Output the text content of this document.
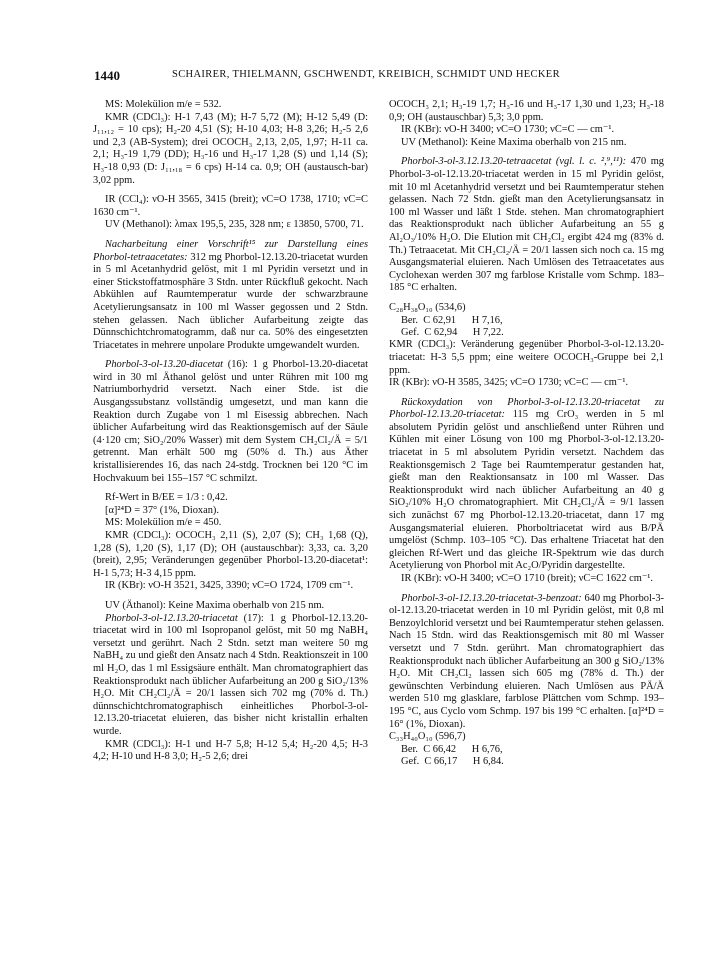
1440	SCHAIRER, THIELMANN, GSCHWENDT, KREIBICH, SCHMIDT UND HECKER

MS: Molekülion m/e = 532.

KMR (CDCl₃): H-1 7,43 (M); H-7 5,72 (M); H-12 5,49 (D: J₁₁,₁₂ = 10 cps); H₂-20 4,51 (S); H-10 4,03; H-8 3,26; H₂-5 2,6 und 2,3 (AB-System); drei OCOCH₃ 2,13, 2,05, 1,97; H-11 ca. 2,1; H₃-19 1,79 (DD); H₃-16 und H₃-17 1,28 (S) und 1,14 (S); H₃-18 0,93 (D: J₁₁,₁₈ = 6 cps) H-14 ca. 0,9; OH (austausch-bar) 3,02 ppm.

IR (CCl₄): νO-H 3565, 3415 (breit); νC=O 1738, 1710; νC=C 1630 cm⁻¹.

UV (Methanol): λmax 195,5, 235, 328 nm; ε 13850, 5700, 71.

Nacharbeitung einer Vorschrift¹⁵ zur Darstellung eines Phorbol-tetraacetates: 312 mg Phorbol-12.13.20-triacetat wurden in 5 ml Acetanhydrid gelöst, mit 1 ml Pyridin versetzt und in einer Stickstoffatmosphäre 3 Stdn. unter Rückfluß gekocht. Nach Abkühlen auf Raumtemperatur wurde der schwarzbraune Acetylierungsansatz in 100 ml Wasser gegossen und 2 Stdn. stehen gelassen. Nach üblicher Aufarbeitung zeigte das Dünnschichtchromatogramm, daß nur ca. 50% des eingesetzten Triacetates in mehrere unpolare Produkte umgewandelt wurden.

Phorbol-3-ol-13.20-diacetat (16): 1 g Phorbol-13.20-diacetat wird in 30 ml Äthanol gelöst und unter Rühren mit 100 mg Natriumborhydrid versetzt. Nach einer Stde. ist die Ausgangssubstanz vollständig umgesetzt, und man kann die Reaktion durch Zugabe von 1 ml Eisessig abbrechen. Nach üblicher Aufarbeitung wird das Reaktionsgemisch auf der Säule (4·120 cm; SiO₂/20% Wasser) mit dem System CH₂Cl₂/Ä = 5/1 getrennt. Man erhält 500 mg (50% d. Th.) aus Äther kristallisierendes 16, das nach 24-stdg. Trocknen bei 120 °C im Hochvakuum bei 155–157 °C schmilzt.

Rf-Wert in B/EE = 1/3 : 0,42.

[α]²⁴D = 37° (1%, Dioxan).

MS: Molekülion m/e = 450.

KMR (CDCl₃): OCOCH₃ 2,11 (S), 2,07 (S); CH₃ 1,68 (Q), 1,28 (S), 1,20 (S), 1,17 (D); OH (austauschbar): 3,33, ca. 3,20 (breit), 2,95; Veränderungen gegenüber Phorbol-13.20-diacetat¹: H-1 5,73; H-3 4,15 ppm.

IR (KBr): νO-H 3521, 3425, 3390; νC=O 1724, 1709 cm⁻¹.

UV (Äthanol): Keine Maxima oberhalb von 215 nm.

Phorbol-3-ol-12.13.20-triacetat (17): 1 g Phorbol-12.13.20-triacetat wird in 100 ml Isopropanol gelöst, mit 50 mg NaBH₄ versetzt und gerührt. Nach 2 Stdn. setzt man weitere 50 mg NaBH₄ zu und gießt den Ansatz nach 4 Stdn. Reaktionszeit in 100 ml H₂O, das 1 ml Essigsäure enthält. Man chromatographiert das Reaktionsprodukt nach üblicher Aufarbeitung an 200 g SiO₂/13% H₂O. Mit CH₂Cl₂/Ä = 20/1 lassen sich 702 mg (70% d. Th.) dünnschichtchromatographisch einheitliches Phorbol-3-ol-12.13.20-triacetat eluieren, das bisher nicht kristallin erhalten wurde.

KMR (CDCl₃): H-1 und H-7 5,8; H-12 5,4; H₂-20 4,5; H-3 4,2; H-10 und H-8 3,0; H₂-5 2,6; drei

OCOCH₃ 2,1; H₃-19 1,7; H₃-16 und H₃-17 1,30 und 1,23; H₃-18 0,9; OH (austauschbar) 5,3; 3,0 ppm.

IR (KBr): νO-H 3400; νC=O 1730; νC=C — cm⁻¹.

UV (Methanol): Keine Maxima oberhalb von 215 nm.

Phorbol-3-ol-3.12.13.20-tetraacetat (vgl. l. c. ²,⁹,¹¹): 470 mg Phorbol-3-ol-12.13.20-triacetat werden in 15 ml Pyridin gelöst, mit 10 ml Acetanhydrid versetzt und bei Raumtemperatur stehen gelassen. Nach 72 Stdn. gießt man den Acetylierungsansatz in 100 ml Wasser und läßt 1 Stde. stehen. Man chromatographiert das Reaktionsprodukt nach üblicher Aufarbeitung an 55 g Al₂O₃/10% H₂O. Die Elution mit CH₂Cl₂ ergibt 424 mg (83% d. Th.) Tetraacetat. Mit CH₂Cl₂/Ä = 20/1 lassen sich noch ca. 15 mg Ausgangsmaterial eluieren. Nach Umlösen des Tetraacetates aus Cyclohexan werden 307 mg farblose Kristalle vom Schmp. 183–185 °C erhalten.

C₂₈H₃₈O₁₀ (534,6)

Ber.  C 62,91      H 7,16,

Gef.  C 62,94      H 7,22.

KMR (CDCl₃): Veränderung gegenüber Phorbol-3-ol-12.13.20-triacetat: H-3 5,5 ppm; eine weitere OCOCH₃-Gruppe bei 2,1 ppm.

IR (KBr): νO-H 3585, 3425; νC=O 1730; νC=C — cm⁻¹.

Rückoxydation von Phorbol-3-ol-12.13.20-triacetat zu Phorbol-12.13.20-triacetat: 115 mg CrO₃ werden in 5 ml absolutem Pyridin gelöst und anschließend unter Rühren und Kühlen mit einer Lösung von 100 mg Phorbol-3-ol-12.13.20-triacetat in 5 ml absolutem Pyridin versetzt. Nachdem das Reaktionsgemisch 2 Tage bei Raumtemperatur gestanden hat, gießt man den Reaktionsansatz in 100 ml Wasser. Das Reaktionsprodukt wird nach üblicher Aufarbeitung an 40 g SiO₂/10% H₂O chromatographiert. Mit CH₂Cl₂/Ä = 9/1 lassen sich zunächst 67 mg Phorbol-12.13.20-triacetat, dann 17 mg Ausgangsmaterial eluieren. Phorboltriacetat wird aus B/PÄ umgelöst (Schmp. 103–105 °C). Das erhaltene Triacetat hat den gleichen Rf-Wert und das gleiche IR-Spektrum wie das durch Acetylierung von Phorbol mit Ac₂O/Pyridin dargestellte.

IR (KBr): νO-H 3400; νC=O 1710 (breit); νC=C 1622 cm⁻¹.

Phorbol-3-ol-12.13.20-triacetat-3-benzoat: 640 mg Phorbol-3-ol-12.13.20-triacetat werden in 10 ml Pyridin gelöst, mit 0,8 ml Benzoylchlorid versetzt und bei Raumtemperatur stehen gelassen. Nach 15 Stdn. wird das Reaktionsgemisch mit 80 ml Wasser versetzt und 7 Stdn. gerührt. Man chromatographiert das Reaktionsprodukt nach üblicher Aufarbeitung an 300 g SiO₂/13% H₂O. Mit CH₂Cl₂ lassen sich 605 mg (78% d. Th.) der gewünschten Verbindung eluieren. Nach Umlösen aus PÄ/Ä werden 510 mg glasklare, farblose Plättchen vom Schmp. 193–195 °C, aus Cyclo vom Schmp. 197 bis 199 °C erhalten. [α]²⁴D = 16° (1%, Dioxan).

C₃₃H₄₀O₁₀ (596,7)

Ber.  C 66,42      H 6,76,

Gef.  C 66,17      H 6,84.
